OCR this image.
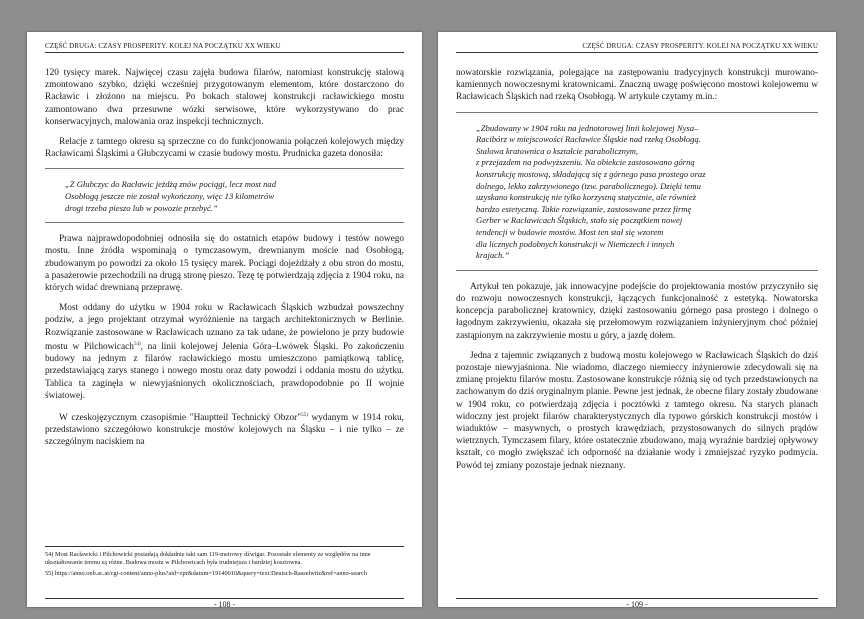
CZĘŚĆ DRUGA: CZASY PROSPERITY. KOLEJ NA POCZĄTKU XX WIEKU

120 tysięcy marek. Najwięcej czasu zajęła budowa filarów, natomiast konstrukcję stalową zmontowano szybko, dzięki wcześniej przygotowanym elementom, które dostarczono do Racławic i złożono na miejscu. Po bokach stalowej konstrukcji racławickiego mostu zamontowano dwa przesuwne wózki serwisowe, które wykorzystywano do prac konserwacyjnych, malowania oraz inspekcji technicznych.

Relacje z tamtego okresu są sprzeczne co do funkcjonowania połączeń kolejowych między Racławicami Śląskimi a Głubczycami w czasie budowy mostu. Prudnicka gazeta donosiła:

„Z Głubczyc do Racławic jeżdżą znów pociągi, lecz most nad
Osobłogą jeszcze nie został wykończony, więc 13 kilometrów
drogi trzeba pieszo lub w powozie przebyć.”

Prawa najprawdopodobniej odnosiła się do ostatnich etapów budowy i testów nowego mostu. Inne źródła wspominają o tymczasowym, drewnianym moście nad Osobłogą, zbudowanym po powodzi za około 15 tysięcy marek. Pociągi dojeżdżały z obu stron do mostu, a pasażerowie przechodzili na drugą stronę pieszo. Tezę tę potwierdzają zdjęcia z 1904 roku, na których widać drewnianą przeprawę.

Most oddany do użytku w 1904 roku w Racławicach Śląskich wzbudzał powszechny podziw, a jego projektant otrzymał wyróżnienie na targach architektonicznych w Berlinie. Rozwiązanie zastosowane w Racławicach uznano za tak udane, że powielono je przy budowie mostu w Pilchowicach$^{54)}$, na linii kolejowej Jelenia Góra–Lwówek Śląski. Po zakończeniu budowy na jednym z filarów racławickiego mostu umieszczono pamiątkową tablicę, przedstawiającą zarys stanego i nowego mostu oraz daty powodzi i oddania mostu do użytku. Tablica ta zaginęła w niewyjaśnionych okolicznościach, prawdopodobnie po II wojnie światowej.

W czeskojęzycznym czasopiśmie "Hauptteil Technický Obzor"$^{55)}$ wydanym w 1914 roku, przedstawiono szczegółowo konstrukcje mostów kolejowych na Śląsku – i nie tylko – ze szczególnym naciskiem na

54) Most Racławicki i Pilchowicki posiadają dokładnie taki sam 119-metrowy dźwigar. Pozostałe elementy ze względów na inne ukształtowanie terenu są różne. Budowa mostu w Pilchowicach była trudniejsza i bardziej kosztowna.

55) https://anno.onb.ac.at/cgi-content/anno-plus?aid=zpr&datum=19140010&query=text:Deutsch-Rasselwitz&ref=anno-search

- 108 -
CZĘŚĆ DRUGA: CZASY PROSPERITY. KOLEJ NA POCZĄTKU XX WIEKU

nowatorskie rozwiązania, polegające na zastępowaniu tradycyjnych konstrukcji murowano-kamiennych nowoczesnymi kratownicami. Znaczną uwagę poświęcono mostowi kolejowemu w Racławicach Śląskich nad rzeką Osobłogą. W artykule czytamy m.in.:

„Zbudowany w 1904 roku na jednotorowej linii kolejowej Nysa–
Racibórz w miejscowości Racławice Śląskie nad rzeką Osobłogą.
Stalowa kratownica o kształcie parabolicznym,
z przejazdem na podwyższeniu. Na obiekcie zastosowano górną
konstrukcję mostową, składającą się z górnego pasa prostego oraz
dolnego, lekko zakrzywionego (tzw. parabolicznego). Dzięki temu
uzyskano konstrukcję nie tylko korzystną statycznie, ale również
bardzo estetyczną. Takie rozwiązanie, zastosowane przez firmę
Gerber w Racławicach Śląskich, stało się początkiem nowej
tendencji w budowie mostów. Most ten stał się wzorem
dla licznych podobnych konstrukcji w Niemczech i innych
krajach.”

Artykuł ten pokazuje, jak innowacyjne podejście do projektowania mostów przyczyniło się do rozwoju nowoczesnych konstrukcji, łączących funkcjonalność z estetyką. Nowatorska koncepcja parabolicznej kratownicy, dzięki zastosowaniu górnego pasa prostego i dolnego o łagodnym zakrzywieniu, okazała się przełomowym rozwiązaniem inżynieryjnym choć później zastąpionym na zakrzywienie mostu u góry, a jazdę dołem.

Jedna z tajemnic związanych z budową mostu kolejowego w Racławicach Śląskich do dziś pozostaje niewyjaśniona. Nie wiadomo, dlaczego niemieccy inżynierowie zdecydowali się na zmianę projektu filarów mostu. Zastosowane konstrukcje różnią się od tych przedstawionych na zachowanym do dziś oryginalnym planie. Pewne jest jednak, że obecne filary zostały zbudowane w 1904 roku, co potwierdzają zdjęcia i pocztówki z tamtego okresu. Na starych planach widoczny jest projekt filarów charakterystycznych dla typowo górskich konstrukcji mostów i wiaduktów – masywnych, o prostych krawędziach, przystosowanych do silnych prądów wietrznych. Tymczasem filary, które ostatecznie zbudowano, mają wyraźnie bardziej opływowy kształt, co mogło zwiększać ich odporność na działanie wody i zmniejszać ryzyko podmycia. Powód tej zmiany pozostaje jednak nieznany.

- 109 -
